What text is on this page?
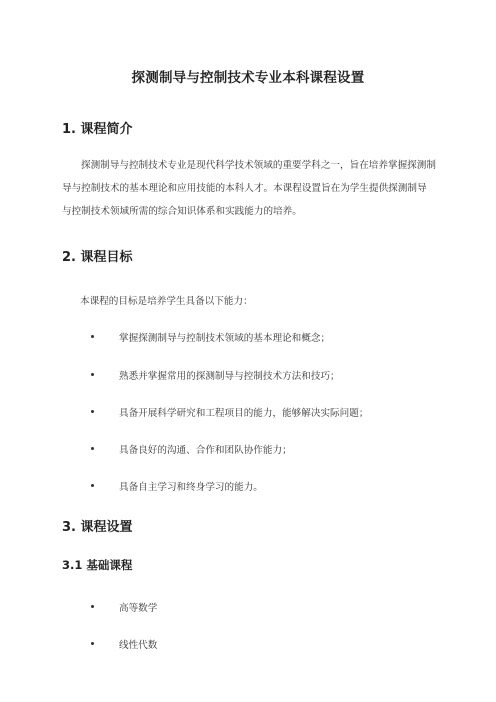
探测制导与控制技术专业本科课程设置
1. 课程简介
探测制导与控制技术专业是现代科学技术领域的重要学科之一，旨在培养掌握探测制导与控制技术的基本理论和应用技能的本科人才。本课程设置旨在为学生提供探测制导与控制技术领域所需的综合知识体系和实践能力的培养。
2. 课程目标
本课程的目标是培养学生具备以下能力：
掌握探测制导与控制技术领域的基本理论和概念；
熟悉并掌握常用的探测制导与控制技术方法和技巧；
具备开展科学研究和工程项目的能力，能够解决实际问题；
具备良好的沟通、合作和团队协作能力；
具备自主学习和终身学习的能力。
3. 课程设置
3.1 基础课程
高等数学
线性代数
